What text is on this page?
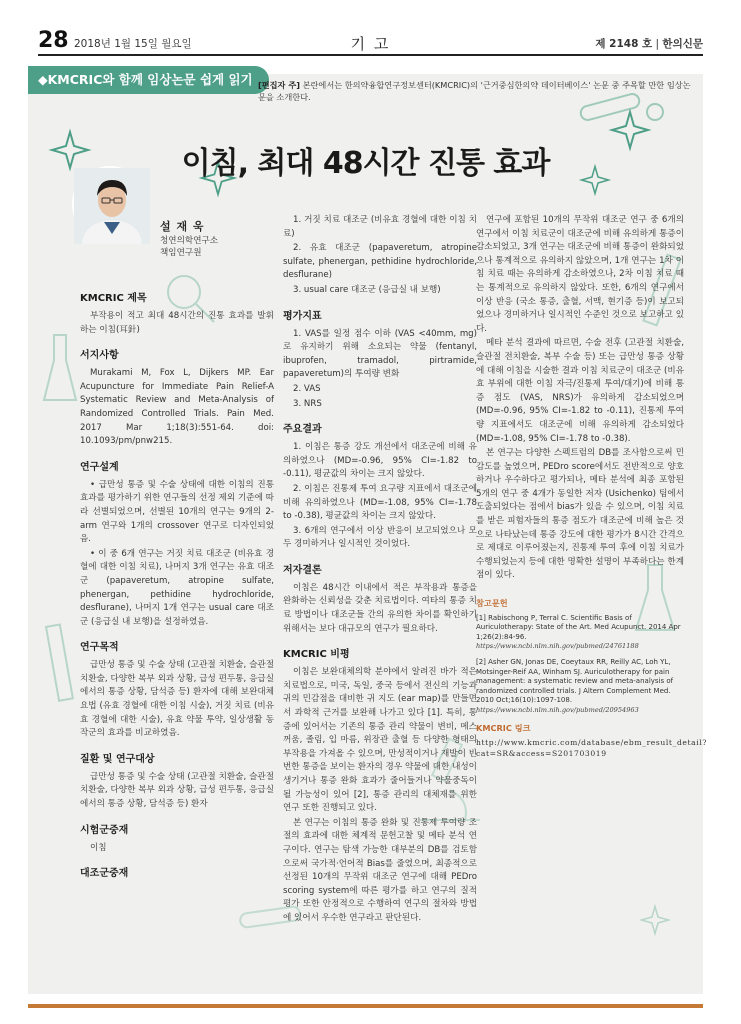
28 2018년 1월 15일 월요일	기 고	제 2148 호 | 한의신문
◆KMCRIC와 함께 임상논문 쉽게 읽기 [편집자 주] 본란에서는 한의약융합연구정보센터(KMCRIC)의 '근거중심한의약 데이터베이스' 논문 중 주목할 만한 임상논문을 소개한다.
이침, 최대 48시간 진통 효과
설 재 욱
청연의학연구소
책임연구원
KMCRIC 제목

부작용이 적고 최대 48시간의 진통 효과를 발휘하는 이침(耳針)

서지사항

Murakami M, Fox L, Dijkers MP. Ear Acupuncture for Immediate Pain Relief-A Systematic Review and Meta-Analysis of Randomized Controlled Trials. Pain Med. 2017 Mar 1;18(3):551-64. doi: 10.1093/pm/pnw215.

연구설계

• 급만성 통증 및 수술 상태에 대한 이침의 진통 효과를 평가하기 위한 연구들의 선정 제외 기준에 따라 선별되었으며, 선별된 10개의 연구는 9개의 2-arm 연구와 1개의 crossover 연구로 디자인되었음.

• 이 중 6개 연구는 거짓 치료 대조군 (비유효 경혈에 대한 이침 치료), 나머지 3개 연구는 유효 대조군 (papaveretum, atropine sulfate, phenergan, pethidine hydrochloride, desflurane), 나머지 1개 연구는 usual care 대조군 (응급실 내 보행)을 설정하였음.

연구목적

급만성 통증 및 수술 상태 (고관절 치환술, 슬관절 치환술, 다양한 복부 외과 상황, 급성 편두통, 응급실에서의 통증 상황, 담석증 등) 환자에 대해 보완대체요법 (유효 경혈에 대한 이침 시술), 거짓 치료 (비유효 경혈에 대한 시술), 유효 약물 투약, 일상생활 동작군의 효과를 비교하였음.

질환 및 연구대상

급만성 통증 및 수술 상태 (고관절 치환술, 슬관절 치환술, 다양한 복부 외과 상황, 급성 편두통, 응급실에서의 통증 상황, 담석증 등) 환자

시험군중재

이침

대조군중재

1. 거짓 치료 대조군 (비유효 경혈에 대한 이침 치료)

2. 유효 대조군 (papaveretum, atropine sulfate, phenergan, pethidine hydrochloride, desflurane)

3. usual care 대조군 (응급실 내 보행)

평가지표

1. VAS를 일정 점수 이하 (VAS <40mm, mg)로 유지하기 위해 소요되는 약물 (fentanyl, ibuprofen, tramadol, pirtramide, papaveretum)의 투여량 변화

2. VAS

3. NRS

주요결과

1. 이침은 통증 강도 개선에서 대조군에 비해 유의하였으나 (MD=-0.96, 95% CI=-1.82 to -0.11), 평균값의 차이는 크지 않았다.

2. 이침은 진통제 투여 요구량 지표에서 대조군에 비해 유의하였으나 (MD=-1.08, 95% CI=-1.78 to -0.38), 평균값의 차이는 크지 않았다.

3. 6개의 연구에서 이상 반응이 보고되었으나 모두 경미하거나 일시적인 것이었다.

저자결론

이침은 48시간 이내에서 적은 부작용과 통증을 완화하는 신뢰성을 갖춘 치료법이다. 여타의 통증 치료 방법이나 대조군들 간의 유의한 차이를 확인하기 위해서는 보다 대규모의 연구가 필요하다.

KMCRIC 비평

이침은 보완대체의학 분야에서 알려진 바가 적은 치료법으로, 미국, 독일, 중국 등에서 전신의 기능과 귀의 민감점을 대비한 귀 지도 (ear map)를 만들면서 과학적 근거를 보완해 나가고 있다 [1]. 특히, 통증에 있어서는 기존의 통증 관리 약물이 변비, 메스꺼움, 졸림, 입 마름, 위장관 출혈 등 다양한 형태의 부작용을 가져올 수 있으며, 만성적이거나 재발이 빈번한 통증을 보이는 환자의 경우 약물에 대한 내성이 생기거나 통증 완화 효과가 줄어들거나 약물중독이 될 가능성이 있어 [2], 통증 관리의 대체재를 위한 연구 또한 진행되고 있다.

본 연구는 이침의 통증 완화 및 진통제 투여량 조절의 효과에 대한 체계적 문헌고찰 및 메타 분석 연구이다. 연구는 탐색 가능한 대부분의 DB를 검토함으로써 국가적·언어적 Bias를 줄였으며, 최종적으로 선정된 10개의 무작위 대조군 연구에 대해 PEDro scoring system에 따른 평가를 하고 연구의 질적 평가 또한 안정적으로 수행하여 연구의 절차와 방법에 있어서 우수한 연구라고 판단된다.

연구에 포함된 10개의 무작위 대조군 연구 중 6개의 연구에서 이침 치료군이 대조군에 비해 유의하게 통증이 감소되었고, 3개 연구는 대조군에 비해 통증이 완화되었으나 통계적으로 유의하지 않았으며, 1개 연구는 1차 이침 치료 때는 유의하게 감소하였으나, 2차 이침 치료 때는 통계적으로 유의하지 않았다. 또한, 6개의 연구에서 이상 반응 (국소 통증, 출혈, 서맥, 현기증 등)이 보고되었으나 경미하거나 일시적인 수준인 것으로 보고하고 있다.

메타 분석 결과에 따르면, 수술 전후 (고관절 치환술, 슬관절 전치환술, 복부 수술 등) 또는 급만성 통증 상황에 대해 이침을 시술한 결과 이침 치료군이 대조군 (비유효 부위에 대한 이침 자극/진통제 투여/대기)에 비해 통증 점도 (VAS, NRS)가 유의하게 감소되었으며 (MD=-0.96, 95% CI=-1.82 to -0.11), 진통제 투여량 지표에서도 대조군에 비해 유의하게 감소되었다 (MD=-1.08, 95% CI=-1.78 to -0.38).

본 연구는 다양한 스펙트럼의 DB를 조사함으로써 민감도를 높였으며, PEDro score에서도 전반적으로 양호하거나 우수하다고 평가되나, 메타 분석에 최종 포함된 5개의 연구 중 4개가 동일한 저자 (Usichenko) 팀에서 도출되었다는 점에서 bias가 있을 수 있으며, 이침 치료를 받은 피험자들의 통증 점도가 대조군에 비해 높은 것으로 나타났는데 통증 강도에 대한 평가가 8시간 간격으로 제대로 이루어졌는지, 진통제 투여 후에 이침 치료가 수행되었는지 등에 대한 명확한 설명이 부족하다는 한계점이 있다.

참고문헌
[1] Rabischong P, Terral C. Scientific Basis of Auriculotherapy: State of the Art. Med Acupunct. 2014 Apr 1;26(2):84-96.
https://www.ncbi.nlm.nih.gov/pubmed/24761188
[2] Asher GN, Jonas DE, Coeytaux RR, Reilly AC, Loh YL, Motsinger-Reif AA, Winham SJ. Auriculotherapy for pain management: a systematic review and meta-analysis of randomized controlled trials. J Altern Complement Med. 2010 Oct;16(10):1097-108.
https://www.ncbi.nlm.nih.gov/pubmed/20954963
KMCRIC 링크
http://www.kmcric.com/database/ebm_result_detail?cat=SR&access=S201703019
